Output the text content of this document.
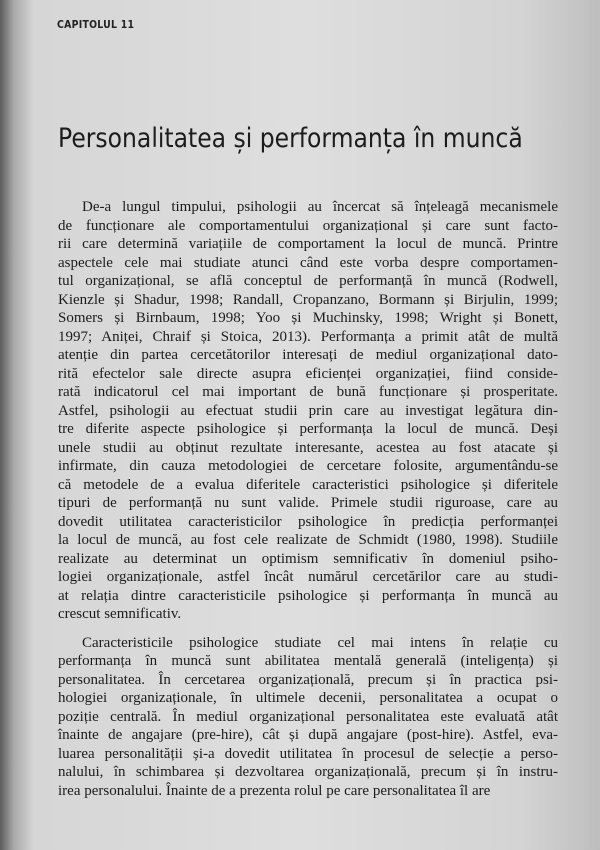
CAPITOLUL 11
Personalitatea și performanța în muncă

De-a lungul timpului, psihologii au încercat să înțeleagă mecanismele
de funcționare ale comportamentului organizațional și care sunt facto-
rii care determină variațiile de comportament la locul de muncă. Printre
aspectele cele mai studiate atunci când este vorba despre comportamen-
tul organizațional, se află conceptul de performanță în muncă (Rodwell,
Kienzle și Shadur, 1998; Randall, Cropanzano, Bormann și Birjulin, 1999;
Somers și Birnbaum, 1998; Yoo și Muchinsky, 1998; Wright și Bonett,
1997; Aniței, Chraif și Stoica, 2013). Performanța a primit atât de multă
atenție din partea cercetătorilor interesați de mediul organizațional dato-
rită efectelor sale directe asupra eficienței organizației, fiind conside-
rată indicatorul cel mai important de bună funcționare și prosperitate.
Astfel, psihologii au efectuat studii prin care au investigat legătura din-
tre diferite aspecte psihologice și performanța la locul de muncă. Deși
unele studii au obținut rezultate interesante, acestea au fost atacate și
infirmate, din cauza metodologiei de cercetare folosite, argumentându-se
că metodele de a evalua diferitele caracteristici psihologice și diferitele
tipuri de performanță nu sunt valide. Primele studii riguroase, care au
dovedit utilitatea caracteristicilor psihologice în predicția performanței
la locul de muncă, au fost cele realizate de Schmidt (1980, 1998). Studiile
realizate au determinat un optimism semnificativ în domeniul psiho-
logiei organizaționale, astfel încât numărul cercetărilor care au studi-
at relația dintre caracteristicile psihologice și performanța în muncă au
crescut semnificativ.

Caracteristicile psihologice studiate cel mai intens în relație cu
performanța în muncă sunt abilitatea mentală generală (inteligența) și
personalitatea. În cercetarea organizațională, precum și în practica psi-
hologiei organizaționale, în ultimele decenii, personalitatea a ocupat o
poziție centrală. În mediul organizațional personalitatea este evaluată atât
înainte de angajare (pre-hire), cât și după angajare (post-hire). Astfel, eva-
luarea personalității și-a dovedit utilitatea în procesul de selecție a perso-
nalului, în schimbarea și dezvoltarea organizațională, precum și în instru-
irea personalului. Înainte de a prezenta rolul pe care personalitatea îl are
